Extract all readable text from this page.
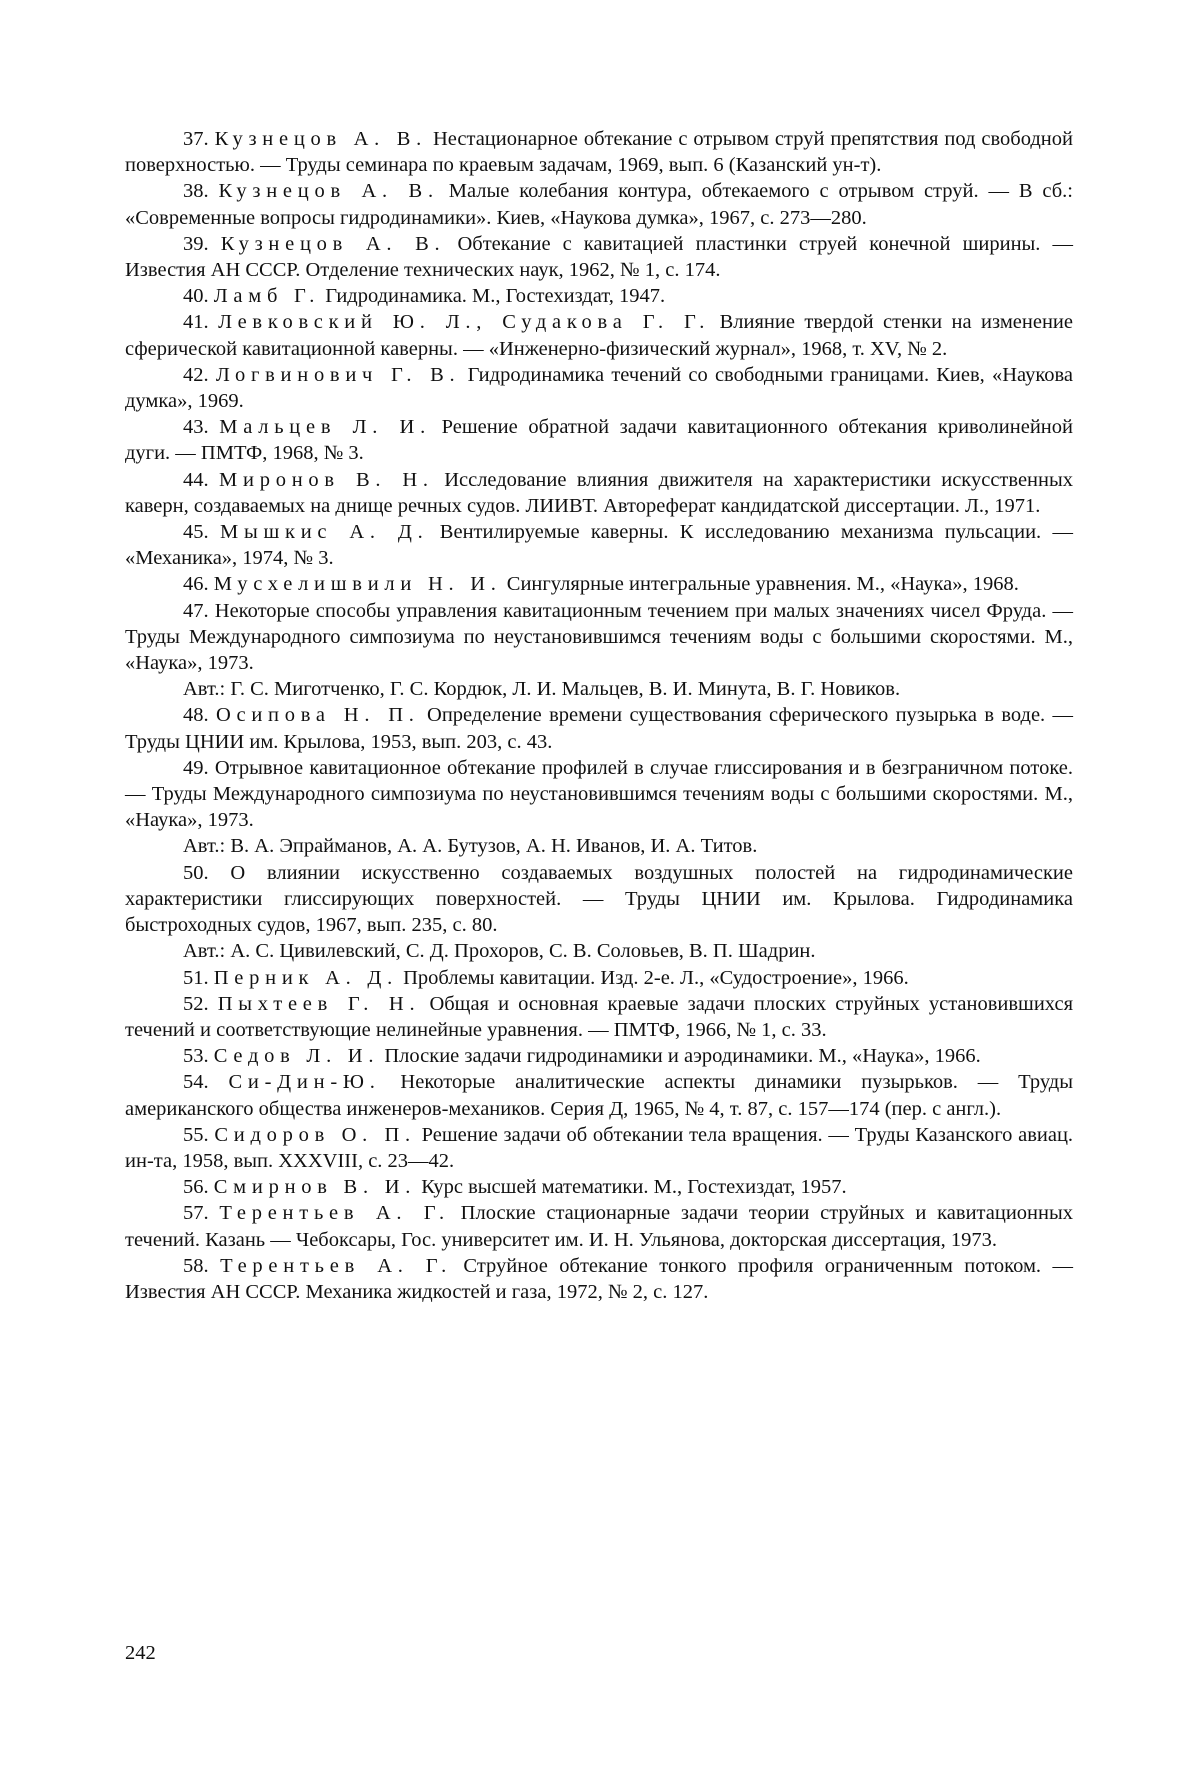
37. Кузнецов А. В. Нестационарное обтекание с отрывом струй препятствия под свободной поверхностью. — Труды семинара по краевым задачам, 1969, вып. 6 (Казанский ун-т).

38. Кузнецов А. В. Малые колебания контура, обтекаемого с отрывом струй. — В сб.: «Современные вопросы гидродинамики». Киев, «Наукова думка», 1967, с. 273—280.

39. Кузнецов А. В. Обтекание с кавитацией пластинки струей конечной ширины. — Известия АН СССР. Отделение технических наук, 1962, № 1, с. 174.

40. Ламб Г. Гидродинамика. М., Гостехиздат, 1947.

41. Левковский Ю. Л., Судакова Г. Г. Влияние твердой стенки на изменение сферической кавитационной каверны. — «Инженерно-физический журнал», 1968, т. XV, № 2.

42. Логвинович Г. В. Гидродинамика течений со свободными границами. Киев, «Наукова думка», 1969.

43. Мальцев Л. И. Решение обратной задачи кавитационного обтекания криволинейной дуги. — ПМТФ, 1968, № 3.

44. Миронов В. Н. Исследование влияния движителя на характеристики искусственных каверн, создаваемых на днище речных судов. ЛИИВТ. Автореферат кандидатской диссертации. Л., 1971.

45. Мышкис А. Д. Вентилируемые каверны. К исследованию механизма пульсации. — «Механика», 1974, № 3.

46. Мусхелишвили Н. И. Сингулярные интегральные уравнения. М., «Наука», 1968.

47. Некоторые способы управления кавитационным течением при малых значениях чисел Фруда. — Труды Международного симпозиума по неустановившимся течениям воды с большими скоростями. М., «Наука», 1973.

Авт.: Г. С. Миготченко, Г. С. Кордюк, Л. И. Мальцев, В. И. Минута, В. Г. Новиков.

48. Осипова Н. П. Определение времени существования сферического пузырька в воде. — Труды ЦНИИ им. Крылова, 1953, вып. 203, с. 43.

49. Отрывное кавитационное обтекание профилей в случае глиссирования и в безграничном потоке. — Труды Международного симпозиума по неустановившимся течениям воды с большими скоростями. М., «Наука», 1973.

Авт.: В. А. Эпрайманов, А. А. Бутузов, А. Н. Иванов, И. А. Титов.

50. О влиянии искусственно создаваемых воздушных полостей на гидродинамические характеристики глиссирующих поверхностей. — Труды ЦНИИ им. Крылова. Гидродинамика быстроходных судов, 1967, вып. 235, с. 80.

Авт.: А. С. Цивилевский, С. Д. Прохоров, С. В. Соловьев, В. П. Шадрин.

51. Перник А. Д. Проблемы кавитации. Изд. 2-е. Л., «Судостроение», 1966.

52. Пыхтеев Г. Н. Общая и основная краевые задачи плоских струйных установившихся течений и соответствующие нелинейные уравнения. — ПМТФ, 1966, № 1, с. 33.

53. Седов Л. И. Плоские задачи гидродинамики и аэродинамики. М., «Наука», 1966.

54. Си-Дин-Ю. Некоторые аналитические аспекты динамики пузырьков. — Труды американского общества инженеров-механиков. Серия Д, 1965, № 4, т. 87, с. 157—174 (пер. с англ.).

55. Сидоров О. П. Решение задачи об обтекании тела вращения. — Труды Казанского авиац. ин-та, 1958, вып. XXXVIII, с. 23—42.

56. Смирнов В. И. Курс высшей математики. М., Гостехиздат, 1957.

57. Терентьев А. Г. Плоские стационарные задачи теории струйных и кавитационных течений. Казань — Чебоксары, Гос. университет им. И. Н. Ульянова, докторская диссертация, 1973.

58. Терентьев А. Г. Струйное обтекание тонкого профиля ограниченным потоком. — Известия АН СССР. Механика жидкостей и газа, 1972, № 2, с. 127.

242
